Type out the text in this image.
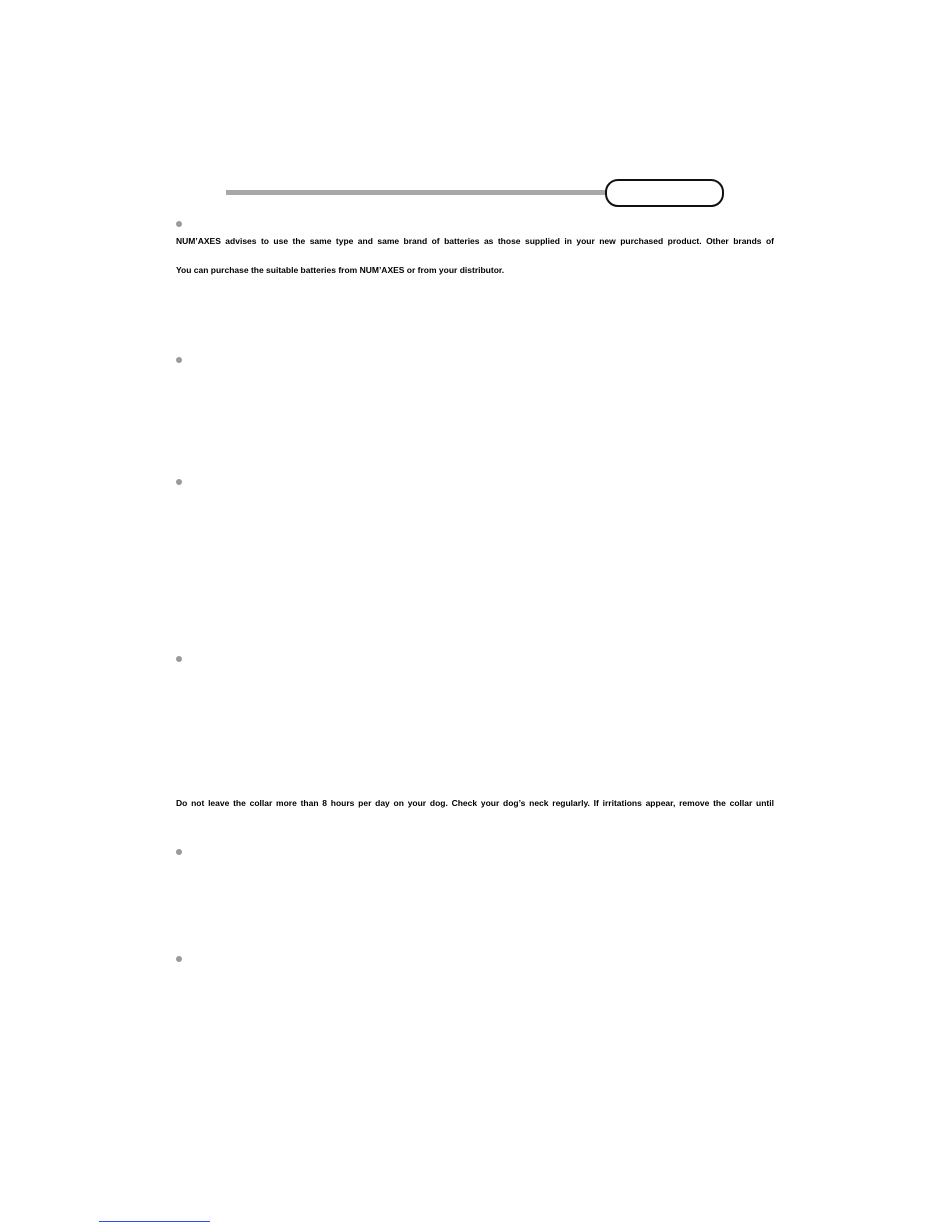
NUM’AXES advises to use the same type and same brand of batteries as those supplied in your new purchased product. Other brands of
You can purchase the suitable batteries from NUM’AXES or from your distributor.
Do not leave the collar more than 8 hours per day on your dog. Check your dog’s neck regularly. If irritations appear, remove the collar until
